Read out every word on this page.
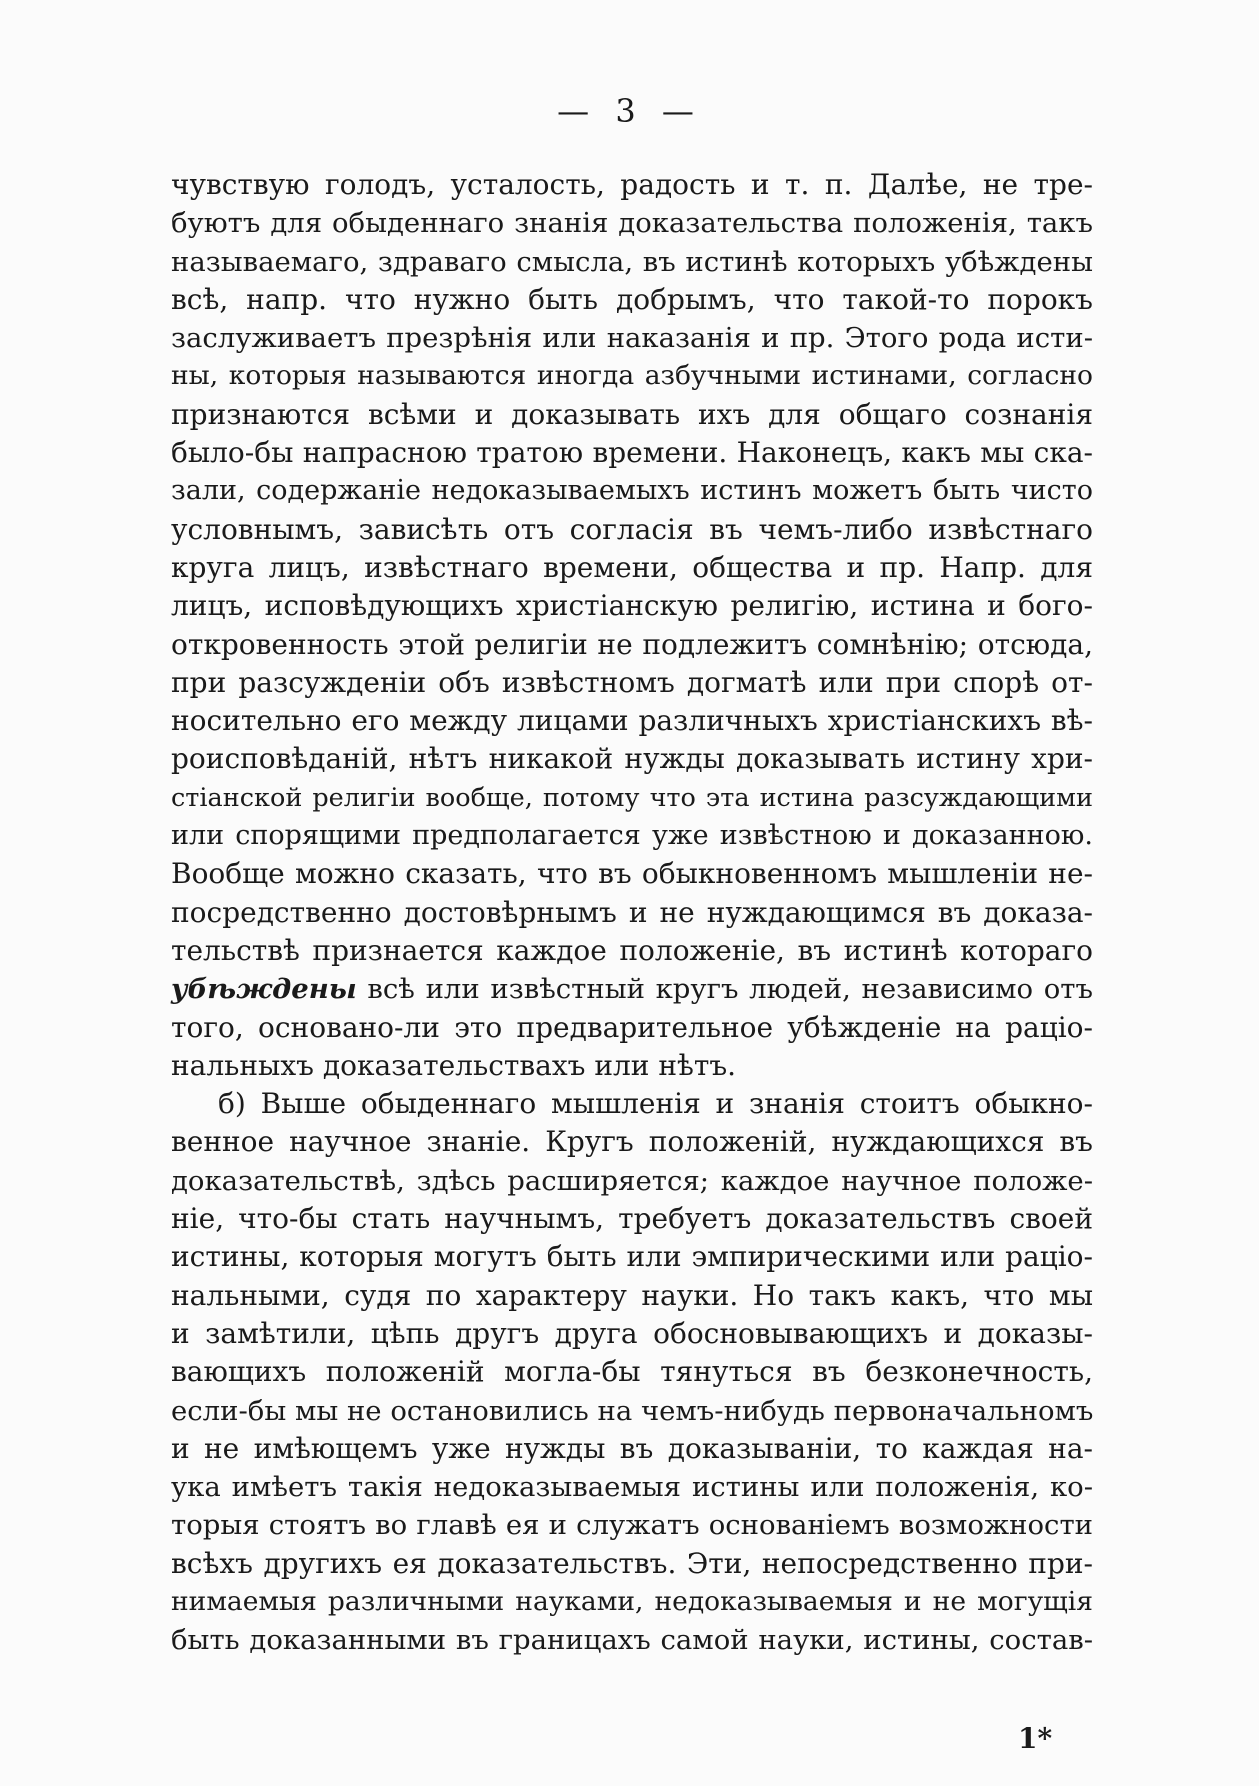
— 3 —
чувствую голодъ, усталость, радость и т. п. Далѣе, не тре-
буютъ для обыденнаго знанія доказательства положенія, такъ
называемаго, здраваго смысла, въ истинѣ которыхъ убѣждены
всѣ, напр. что нужно быть добрымъ, что такой-то порокъ
заслуживаетъ презрѣнія или наказанія и пр. Этого рода исти-
ны, которыя называются иногда азбучными истинами, согласно
признаются всѣми и доказывать ихъ для общаго сознанія
было-бы напрасною тратою времени. Наконецъ, какъ мы ска-
зали, содержаніе недоказываемыхъ истинъ можетъ быть чисто
условнымъ, зависѣть отъ согласія въ чемъ-либо извѣстнаго
круга лицъ, извѣстнаго времени, общества и пр. Напр. для
лицъ, исповѣдующихъ христіанскую религію, истина и бого-
откровенность этой религіи не подлежитъ сомнѣнію; отсюда,
при разсужденіи объ извѣстномъ догматѣ или при спорѣ от-
носительно его между лицами различныхъ христіанскихъ вѣ-
роисповѣданій, нѣтъ никакой нужды доказывать истину хри-
стіанской религіи вообще, потому что эта истина разсуждающими
или спорящими предполагается уже извѣстною и доказанною.
Вообще можно сказать, что въ обыкновенномъ мышленіи не-
посредственно достовѣрнымъ и не нуждающимся въ доказа-
тельствѣ признается каждое положеніе, въ истинѣ котораго
убѣждены всѣ или извѣстный кругъ людей, независимо отъ
того, основано-ли это предварительное убѣжденіе на раціо-
нальныхъ доказательствахъ или нѣтъ.
б) Выше обыденнаго мышленія и знанія стоитъ обыкно-
венное научное знаніе. Кругъ положеній, нуждающихся въ
доказательствѣ, здѣсь расширяется; каждое научное положе-
ніе, что-бы стать научнымъ, требуетъ доказательствъ своей
истины, которыя могутъ быть или эмпирическими или раціо-
нальными, судя по характеру науки. Но такъ какъ, что мы
и замѣтили, цѣпь другъ друга обосновывающихъ и доказы-
вающихъ положеній могла-бы тянуться въ безконечность,
если-бы мы не остановились на чемъ-нибудь первоначальномъ
и не имѣющемъ уже нужды въ доказываніи, то каждая на-
ука имѣетъ такія недоказываемыя истины или положенія, ко-
торыя стоятъ во главѣ ея и служатъ основаніемъ возможности
всѣхъ другихъ ея доказательствъ. Эти, непосредственно при-
нимаемыя различными науками, недоказываемыя и не могущія
быть доказанными въ границахъ самой науки, истины, состав-
1*
